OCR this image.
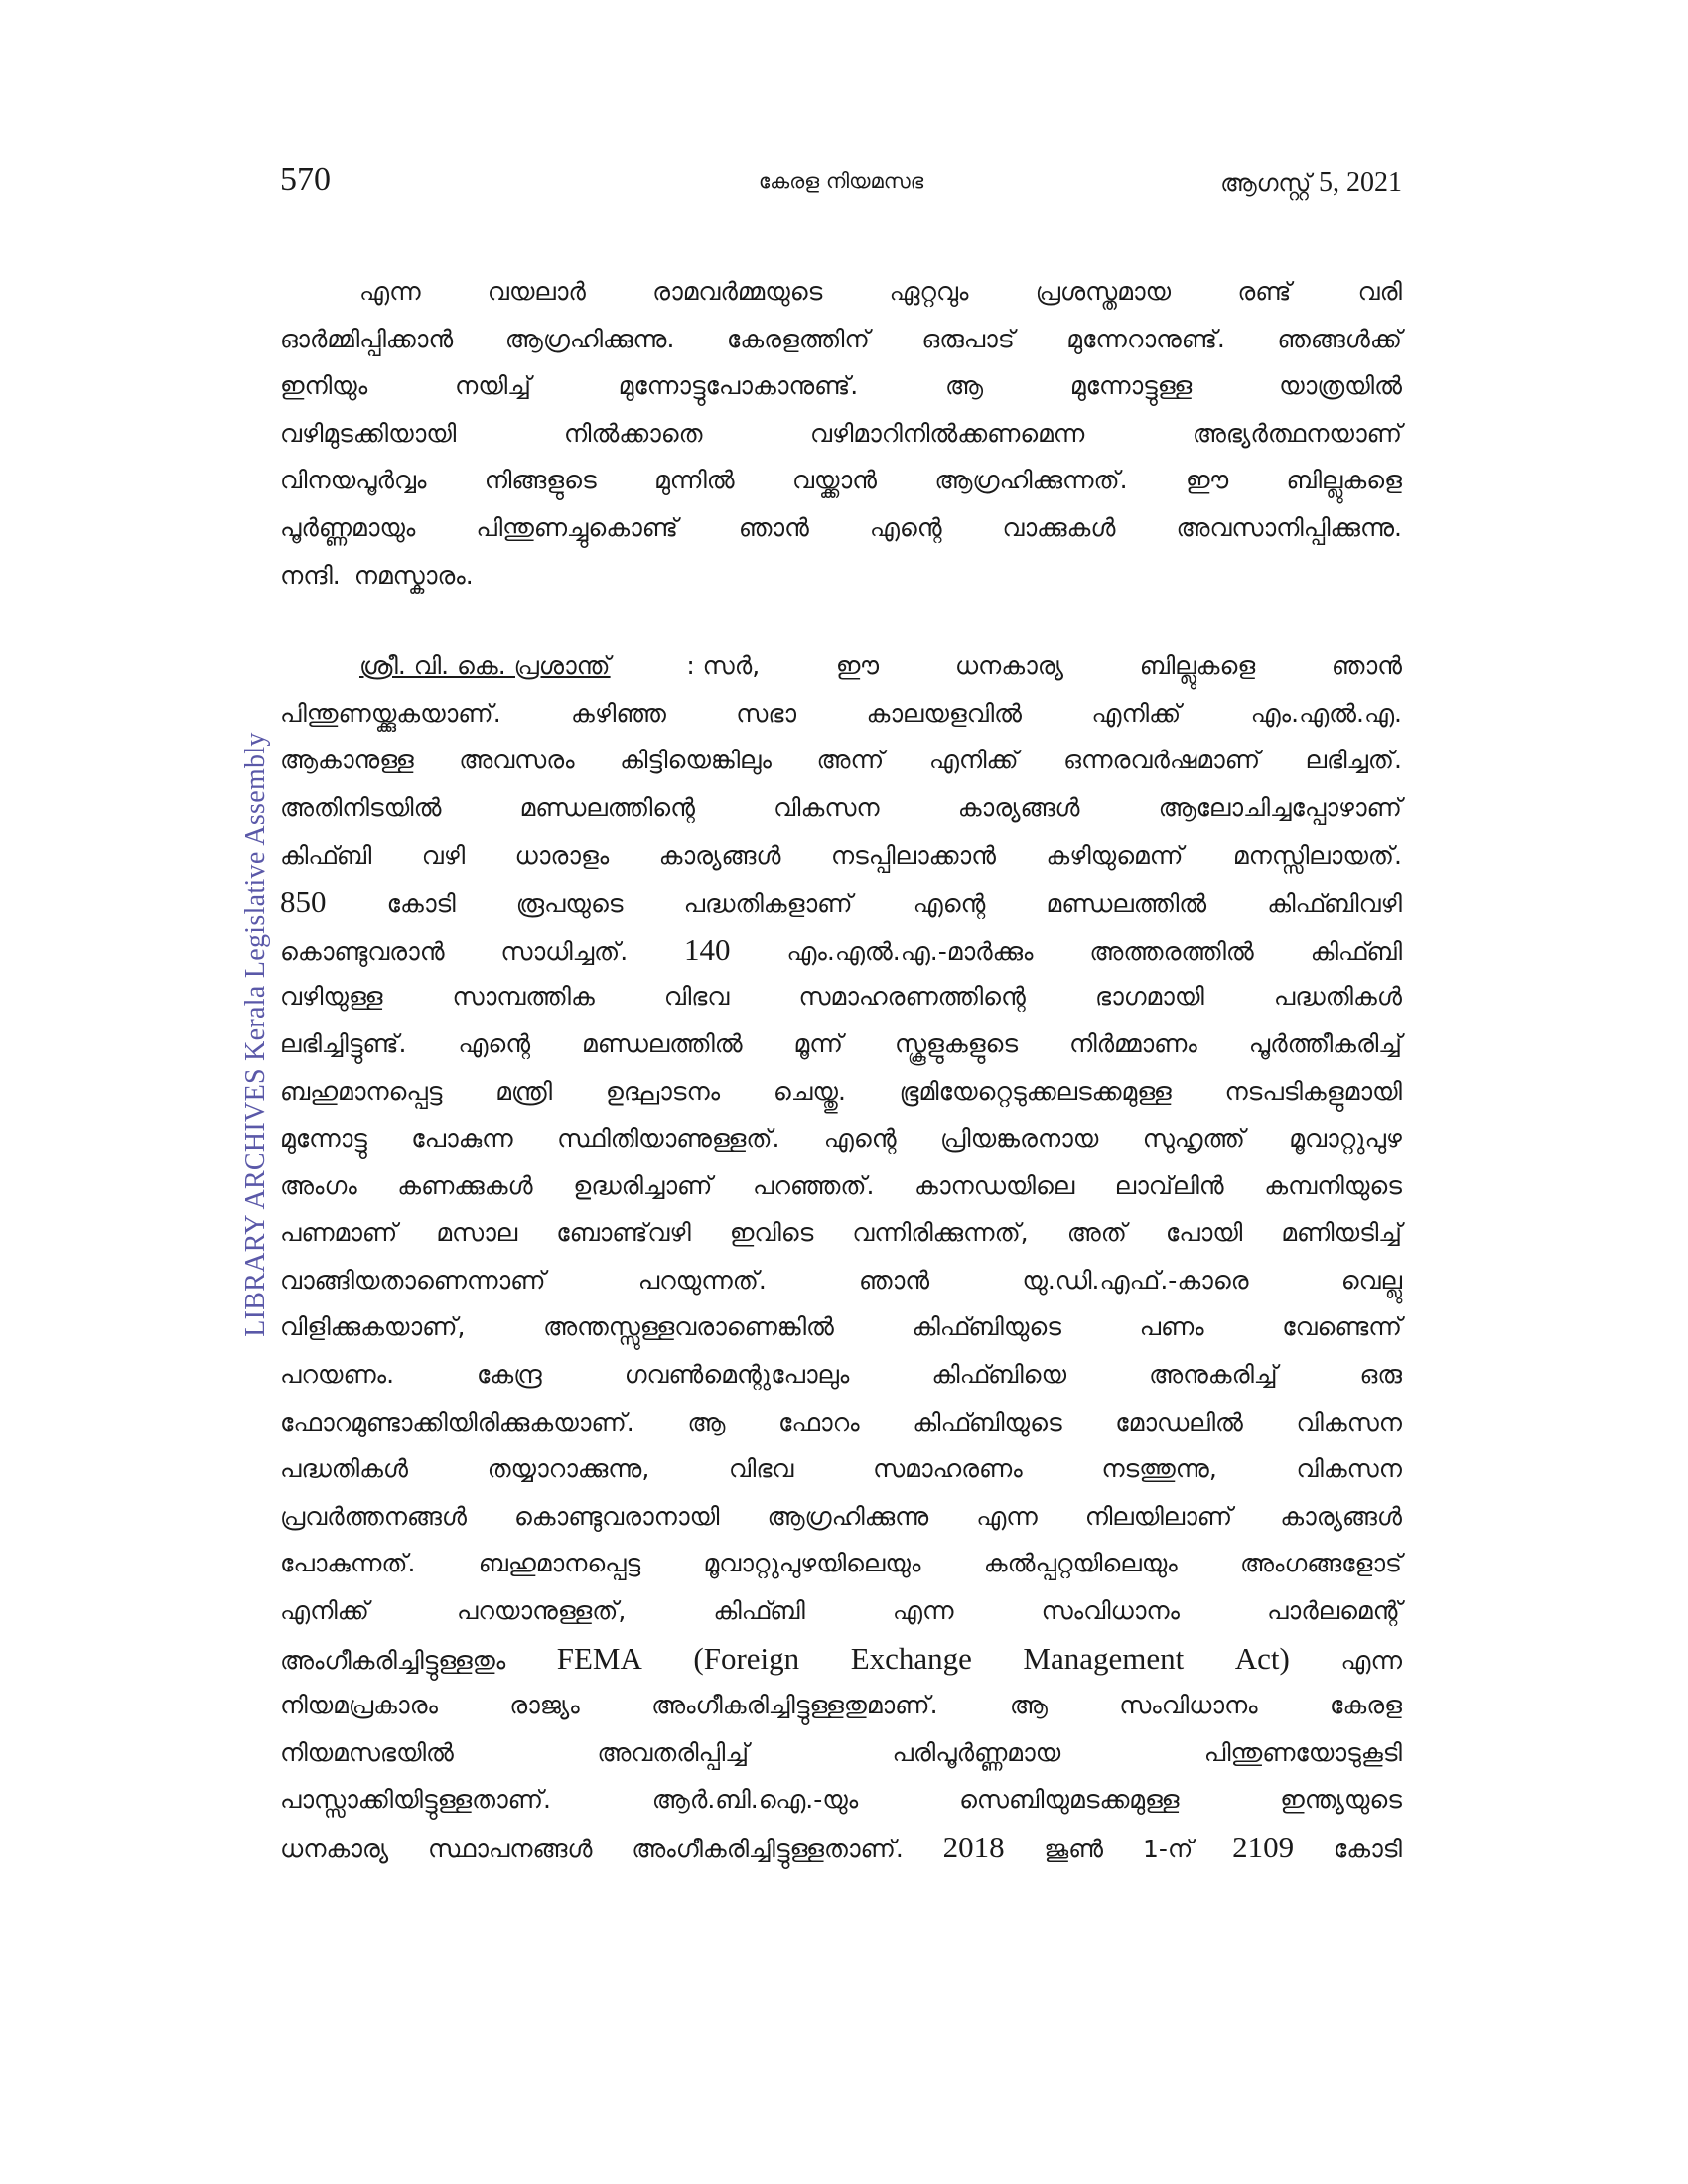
570	കേരള നിയമസഭ	ആഗസ്റ്റ് 5, 2021
LIBRARY ARCHIVES Kerala Legislative Assembly
എന്ന	വയലാർ	രാമവർമ്മയുടെ	ഏറ്റവും	പ്രശസ്തമായ	രണ്ട്	വരി
ഓർമ്മിപ്പിക്കാൻ ആഗ്രഹിക്കുന്നു. കേരളത്തിന് ഒരുപാട് മുന്നേറാനുണ്ട്. ഞങ്ങൾക്ക്
ഇനിയും	നയിച്ച്	മുന്നോട്ടുപോകാനുണ്ട്.	ആ	മുന്നോട്ടുള്ള	യാത്രയിൽ
വഴിമുടക്കിയായി	നിൽക്കാതെ	വഴിമാറിനിൽക്കണമെന്ന	അഭ്യർത്ഥനയാണ്
വിനയപൂർവ്വം നിങ്ങളുടെ മുന്നിൽ വയ്ക്കാൻ ആഗ്രഹിക്കുന്നത്. ഈ ബില്ലുകളെ
പൂർണ്ണമായും പിന്തുണച്ചുകൊണ്ട് ഞാൻ എന്റെ വാക്കുകൾ അവസാനിപ്പിക്കുന്നു.
നന്ദി. നമസ്കാരം.
ശ്രീ. വി. കെ. പ്രശാന്ത്	: സർ,	ഈ	ധനകാര്യ	ബില്ലുകളെ	ഞാൻ
പിന്തുണയ്ക്കുകയാണ്.	കഴിഞ്ഞ	സഭാ	കാലയളവിൽ	എനിക്ക്	എം.എൽ.എ.
ആകാനുള്ള അവസരം കിട്ടിയെങ്കിലും അന്ന് എനിക്ക് ഒന്നരവർഷമാണ് ലഭിച്ചത്.
അതിനിടയിൽ	മണ്ഡലത്തിന്റെ	വികസന	കാര്യങ്ങൾ	ആലോചിച്ചപ്പോഴാണ്
കിഫ്ബി വഴി ധാരാളം കാര്യങ്ങൾ നടപ്പിലാക്കാൻ കഴിയുമെന്ന് മനസ്സിലായത്.
850 കോടി രൂപയുടെ പദ്ധതികളാണ് എന്റെ മണ്ഡലത്തിൽ കിഫ്ബിവഴി
കൊണ്ടുവരാൻ സാധിച്ചത്. 140 എം.എൽ.എ.-മാർക്കും അത്തരത്തിൽ കിഫ്ബി
വഴിയുള്ള	സാമ്പത്തിക	വിഭവ	സമാഹരണത്തിന്റെ	ഭാഗമായി	പദ്ധതികൾ
ലഭിച്ചിട്ടുണ്ട്. എന്റെ മണ്ഡലത്തിൽ മൂന്ന് സ്കൂളുകളുടെ നിർമ്മാണം പൂർത്തീകരിച്ച്
ബഹുമാനപ്പെട്ട മന്ത്രി ഉദ്ഘാടനം ചെയ്തു. ഭൂമിയേറ്റെടുക്കലടക്കമുള്ള നടപടികളുമായി
മുന്നോട്ടു പോകുന്ന സ്ഥിതിയാണുള്ളത്. എന്റെ പ്രിയങ്കരനായ സുഹൃത്ത് മൂവാറ്റുപുഴ
അംഗം കണക്കുകൾ ഉദ്ധരിച്ചാണ് പറഞ്ഞത്. കാനഡയിലെ ലാവ്‌ലിൻ കമ്പനിയുടെ
പണമാണ് മസാല ബോണ്ട്‌വഴി ഇവിടെ വന്നിരിക്കുന്നത്, അത് പോയി മണിയടിച്ച്
വാങ്ങിയതാണെന്നാണ്	പറയുന്നത്.	ഞാൻ	യു.ഡി.എഫ്.-കാരെ	വെല്ലു
വിളിക്കുകയാണ്,	അന്തസ്സുള്ളവരാണെങ്കിൽ	കിഫ്ബിയുടെ	പണം	വേണ്ടെന്ന്
പറയണം.	കേന്ദ്ര	ഗവൺമെന്റുപോലും	കിഫ്ബിയെ	അനുകരിച്ച്	ഒരു
ഫോറമുണ്ടാക്കിയിരിക്കുകയാണ്. ആ ഫോറം കിഫ്ബിയുടെ മോഡലിൽ വികസന
പദ്ധതികൾ	തയ്യാറാക്കുന്നു,	വിഭവ	സമാഹരണം	നടത്തുന്നു,	വികസന
പ്രവർത്തനങ്ങൾ കൊണ്ടുവരാനായി ആഗ്രഹിക്കുന്നു എന്ന നിലയിലാണ് കാര്യങ്ങൾ
പോകുന്നത്.	ബഹുമാനപ്പെട്ട	മൂവാറ്റുപുഴയിലെയും	കൽപ്പറ്റയിലെയും	അംഗങ്ങളോട്
എനിക്ക്	പറയാനുള്ളത്,	കിഫ്ബി	എന്ന	സംവിധാനം	പാർലമെന്റ്
അംഗീകരിച്ചിട്ടുള്ളതും FEMA (Foreign Exchange Management Act) എന്ന
നിയമപ്രകാരം	രാജ്യം	അംഗീകരിച്ചിട്ടുള്ളതുമാണ്.	ആ	സംവിധാനം	കേരള
നിയമസഭയിൽ	അവതരിപ്പിച്ച്	പരിപൂർണ്ണമായ	പിന്തുണയോടുകൂടി
പാസ്സാക്കിയിട്ടുള്ളതാണ്.	ആർ.ബി.ഐ.-യും	സെബിയുമടക്കമുള്ള	ഇന്ത്യയുടെ
ധനകാര്യ സ്ഥാപനങ്ങൾ അംഗീകരിച്ചിട്ടുള്ളതാണ്. 2018 ജൂൺ 1-ന് 2109 കോടി
